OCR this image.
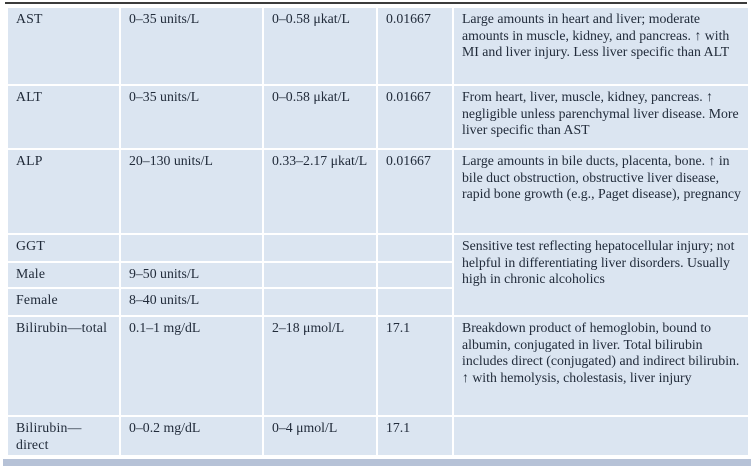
AST	0–35 units/L	0–0.58 μkat/L	0.01667	Large amounts in heart and liver; moderate amounts in muscle, kidney, and pancreas. ↑ with MI and liver injury. Less liver specific than ALT
ALT	0–35 units/L	0–0.58 μkat/L	0.01667	From heart, liver, muscle, kidney, pancreas. ↑ negligible unless parenchymal liver disease. More liver specific than AST
ALP	20–130 units/L	0.33–2.17 μkat/L	0.01667	Large amounts in bile ducts, placenta, bone. ↑ in bile duct obstruction, obstructive liver disease, rapid bone growth (e.g., Paget disease), pregnancy
GGT				Sensitive test reflecting hepatocellular injury; not helpful in differentiating liver disorders. Usually high in chronic alcoholics
Male	9–50 units/L			
Female	8–40 units/L			
Bilirubin—total	0.1–1 mg/dL	2–18 μmol/L	17.1	Breakdown product of hemoglobin, bound to albumin, conjugated in liver. Total bilirubin includes direct (conjugated) and indirect bilirubin. ↑ with hemolysis, cholestasis, liver injury
Bilirubin—direct	0–0.2 mg/dL	0–4 μmol/L	17.1	
